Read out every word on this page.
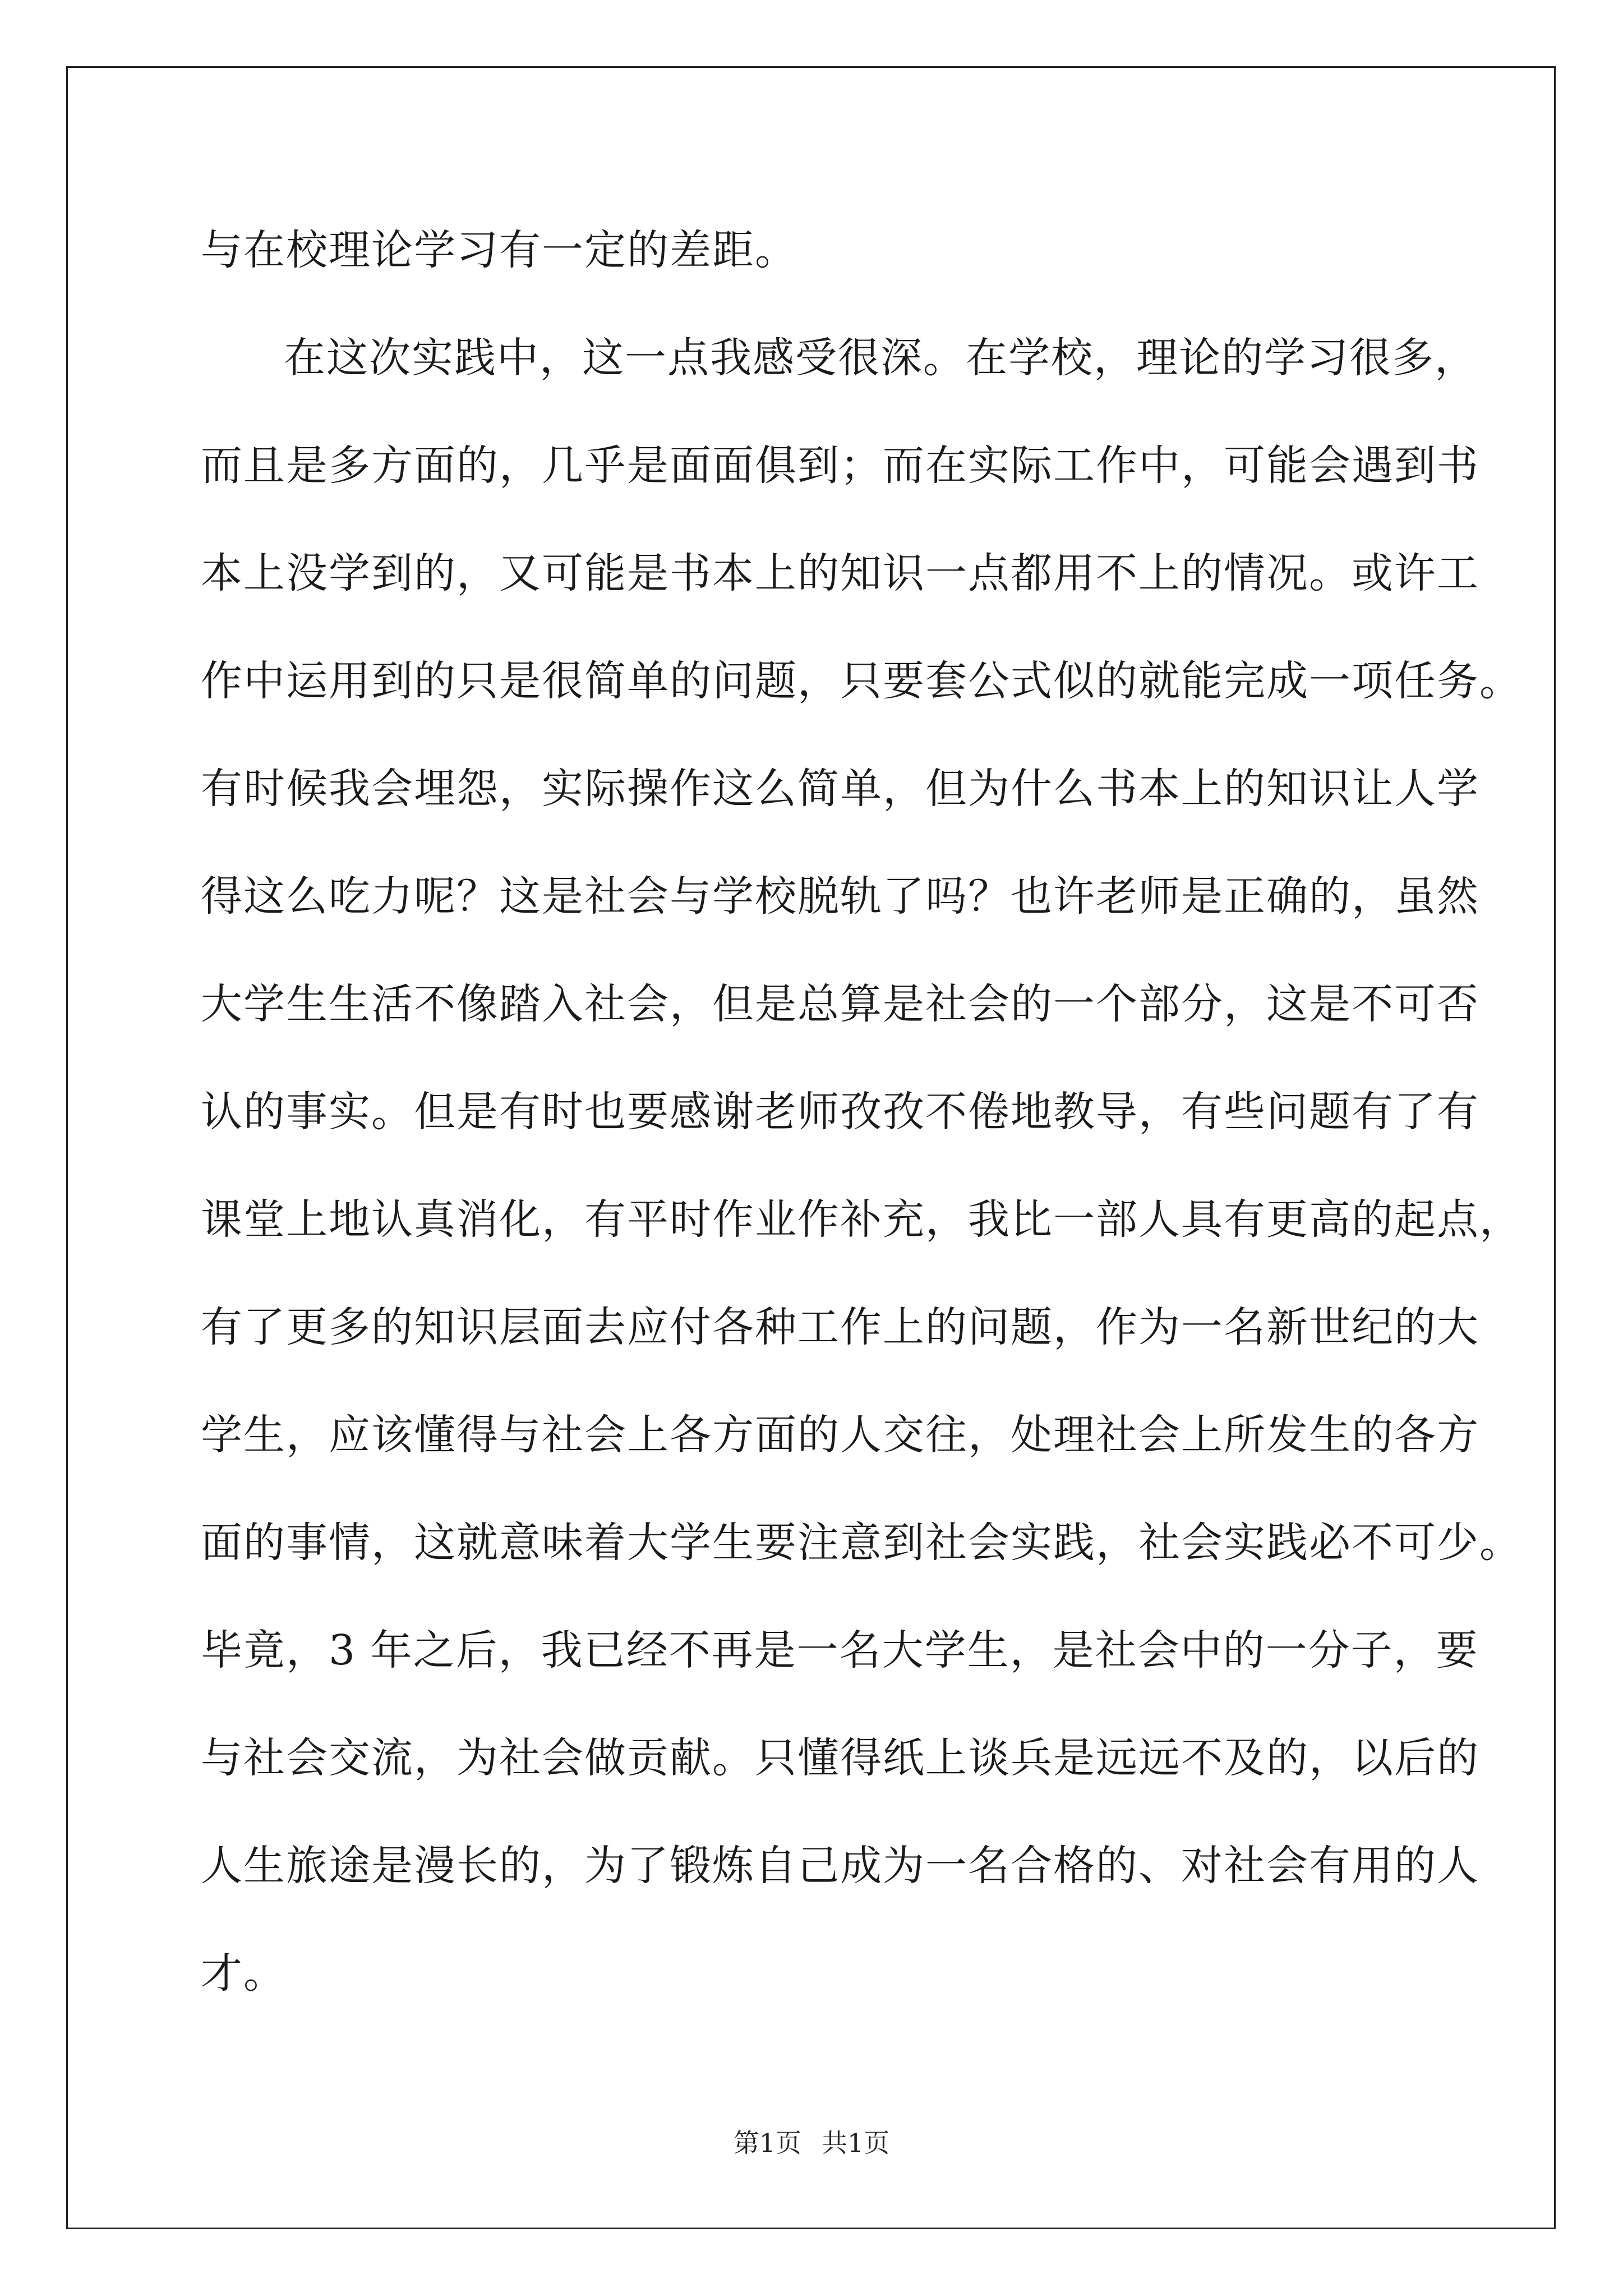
与在校理论学习有一定的差距。
在这次实践中，这一点我感受很深。在学校，理论的学习很多，
而且是多方面的，几乎是面面俱到；而在实际工作中，可能会遇到书
本上没学到的，又可能是书本上的知识一点都用不上的情况。或许工
作中运用到的只是很简单的问题，只要套公式似的就能完成一项任务。
有时候我会埋怨，实际操作这么简单，但为什么书本上的知识让人学
得这么吃力呢？这是社会与学校脱轨了吗？也许老师是正确的，虽然
大学生生活不像踏入社会，但是总算是社会的一个部分，这是不可否
认的事实。但是有时也要感谢老师孜孜不倦地教导，有些问题有了有
课堂上地认真消化，有平时作业作补充，我比一部人具有更高的起点，
有了更多的知识层面去应付各种工作上的问题，作为一名新世纪的大
学生，应该懂得与社会上各方面的人交往，处理社会上所发生的各方
面的事情，这就意味着大学生要注意到社会实践，社会实践必不可少。
毕竟，3 年之后，我已经不再是一名大学生，是社会中的一分子，要
与社会交流，为社会做贡献。只懂得纸上谈兵是远远不及的，以后的
人生旅途是漫长的，为了锻炼自己成为一名合格的、对社会有用的人
才。
第1页 共1页
